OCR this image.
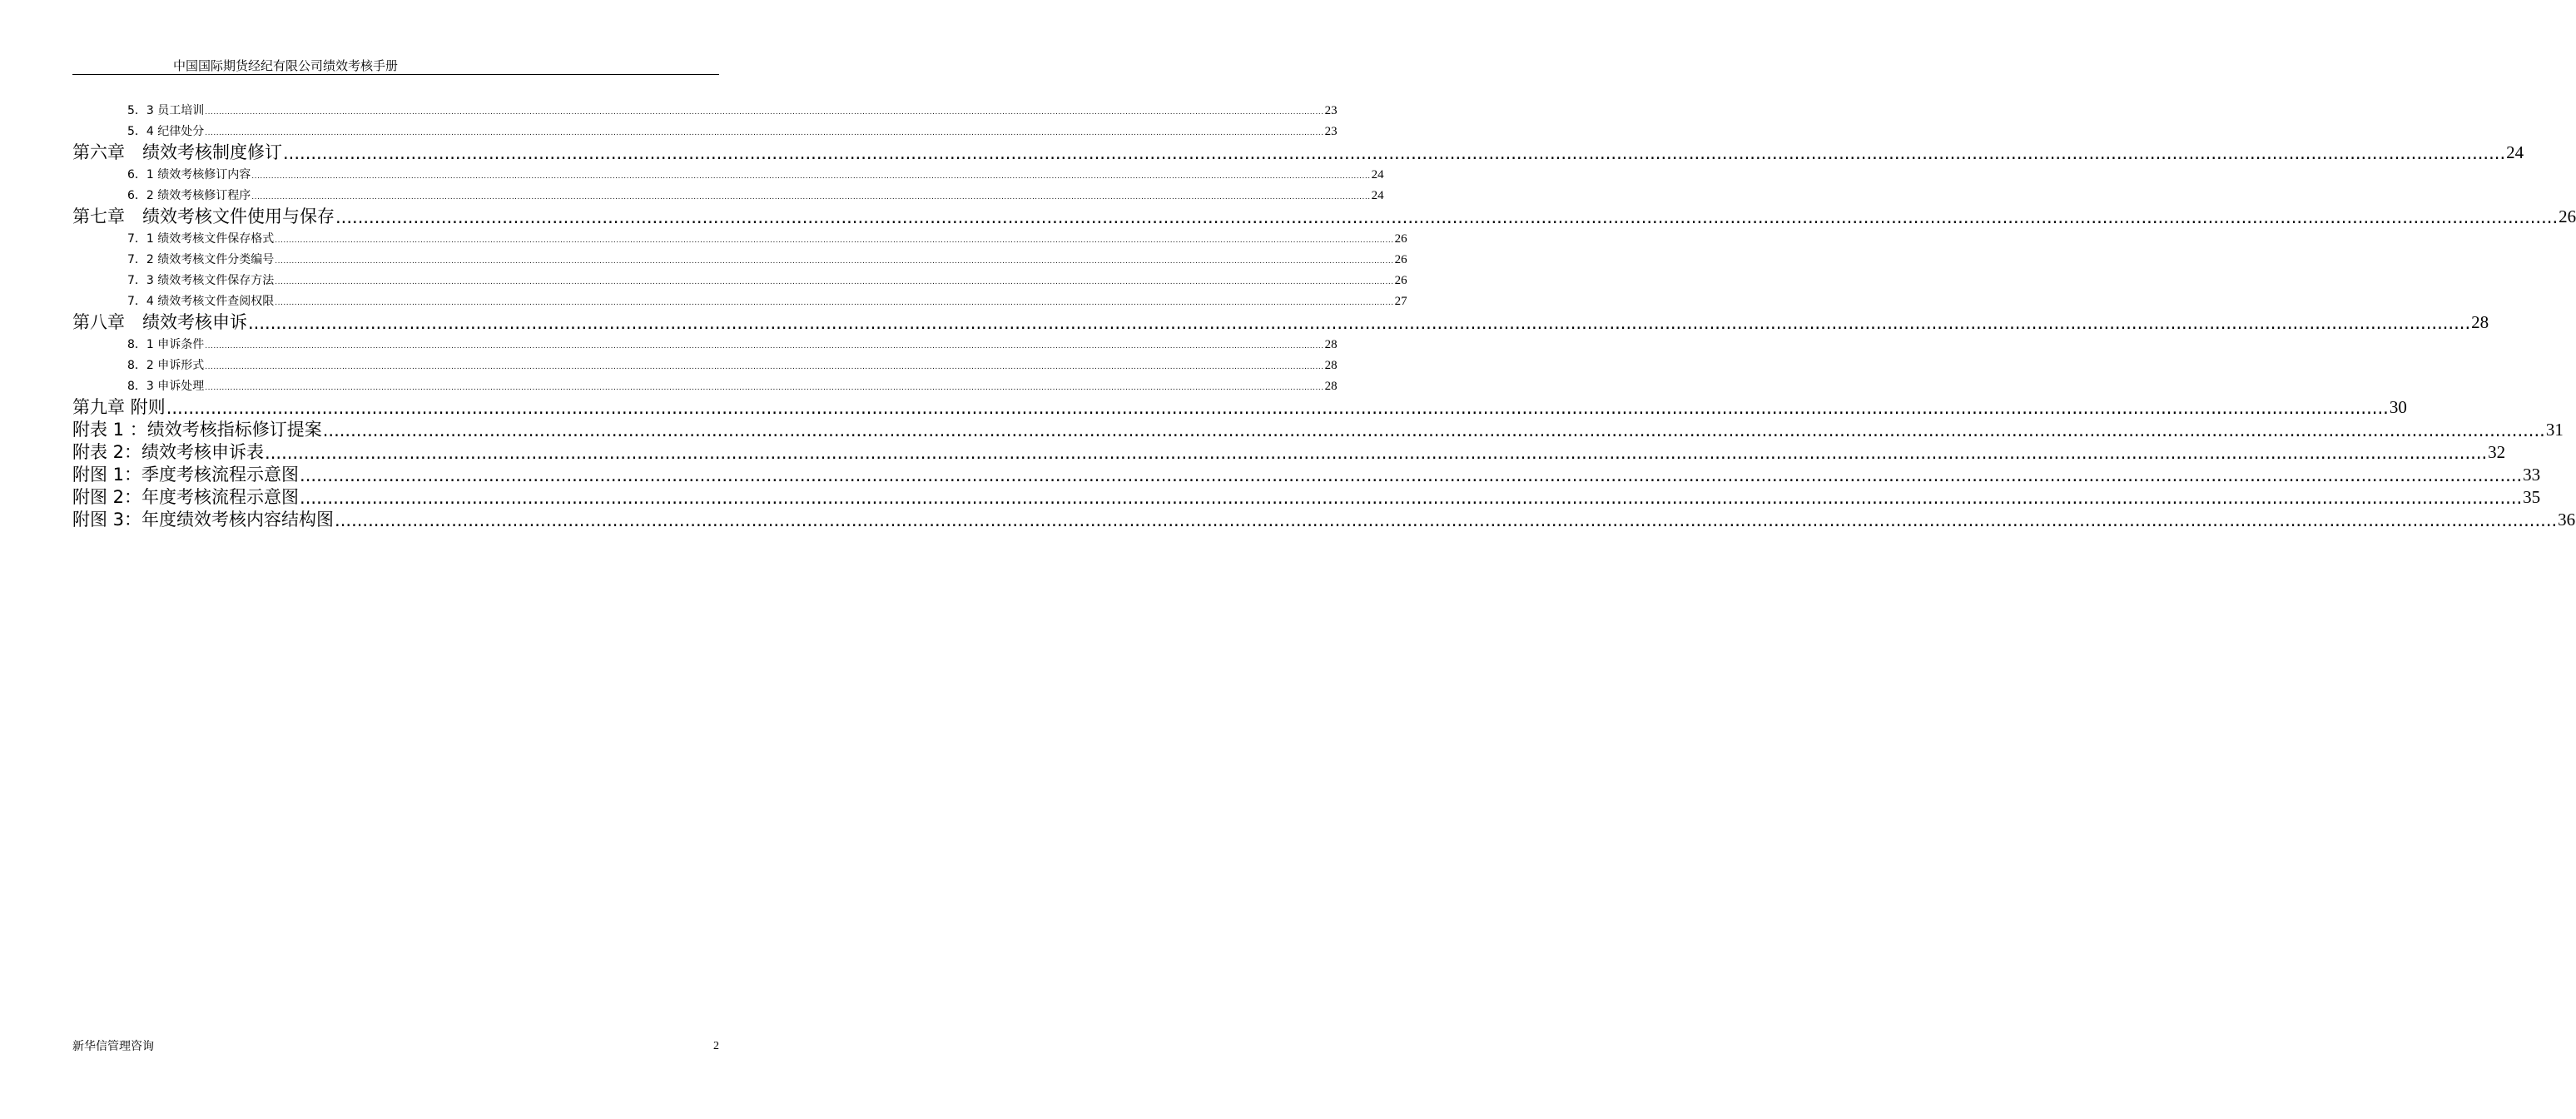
中国国际期货经纪有限公司绩效考核手册
5．3 员工培训 ................................................................................................................................................................................................................................................................................................................................................................................................................ 23
5．4 纪律处分 ................................................................................................................................................................................................................................................................................................................................................................................................................ 23
第六章　绩效考核制度修订 ................................................................................................................................................................................................................................................................................................................................................................................................................ 24
6．1 绩效考核修订内容 ................................................................................................................................................................................................................................................................................................................................................................................................................ 24
6．2 绩效考核修订程序 ................................................................................................................................................................................................................................................................................................................................................................................................................ 24
第七章　绩效考核文件使用与保存 ................................................................................................................................................................................................................................................................................................................................................................................................................ 26
7．1 绩效考核文件保存格式 ................................................................................................................................................................................................................................................................................................................................................................................................................ 26
7．2 绩效考核文件分类编号 ................................................................................................................................................................................................................................................................................................................................................................................................................ 26
7．3 绩效考核文件保存方法 ................................................................................................................................................................................................................................................................................................................................................................................................................ 26
7．4 绩效考核文件查阅权限 ................................................................................................................................................................................................................................................................................................................................................................................................................ 27
第八章　绩效考核申诉 ................................................................................................................................................................................................................................................................................................................................................................................................................ 28
8．1 申诉条件 ................................................................................................................................................................................................................................................................................................................................................................................................................ 28
8．2 申诉形式 ................................................................................................................................................................................................................................................................................................................................................................................................................ 28
8．3 申诉处理 ................................................................................................................................................................................................................................................................................................................................................................................................................ 28
第九章 附则 ................................................................................................................................................................................................................................................................................................................................................................................................................ 30
附表 1 ：绩效考核指标修订提案 ................................................................................................................................................................................................................................................................................................................................................................................................................ 31
附表 2：绩效考核申诉表 ................................................................................................................................................................................................................................................................................................................................................................................................................ 32
附图 1：季度考核流程示意图 ................................................................................................................................................................................................................................................................................................................................................................................................................ 33
附图 2：年度考核流程示意图 ................................................................................................................................................................................................................................................................................................................................................................................................................ 35
附图 3：年度绩效考核内容结构图 ................................................................................................................................................................................................................................................................................................................................................................................................................ 36
新华信管理咨询	2
